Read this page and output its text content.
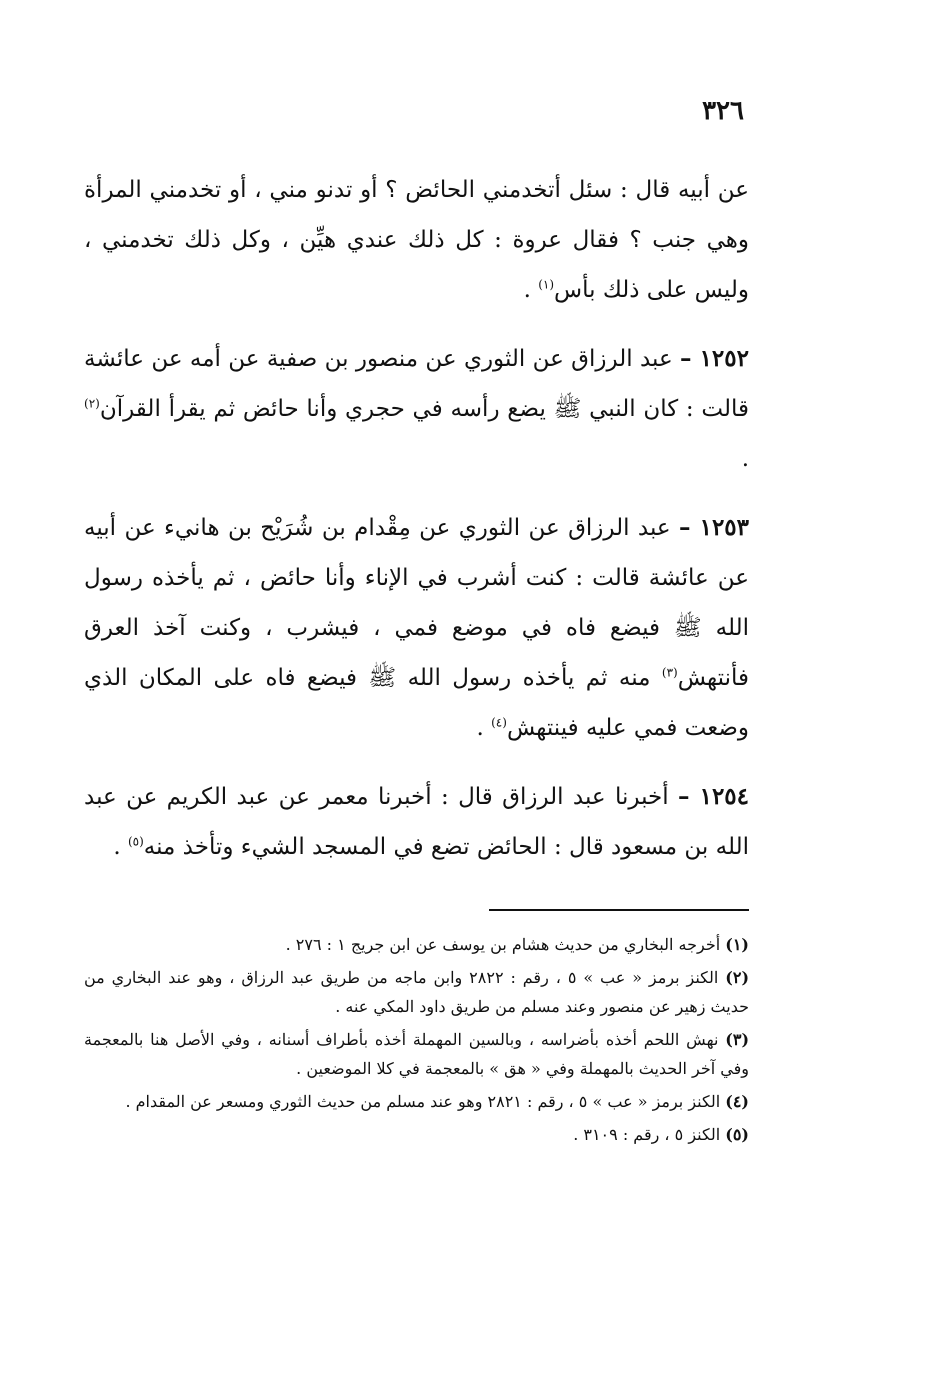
٣٢٦

عن أبيه قال : سئل أتخدمني الحائض ؟ أو تدنو مني ، أو تخدمني المرأة وهي جنب ؟ فقال عروة : كل ذلك عندي هيِّن ، وكل ذلك تخدمني ، وليس على ذلك بأس$^{(١)}$ .

١٢٥٢ – عبد الرزاق عن الثوري عن منصور بن صفية عن أمه عن عائشة قالت : كان النبي ﷺ يضع رأسه في حجري وأنا حائض ثم يقرأ القرآن$^{(٢)}$ .

١٢٥٣ – عبد الرزاق عن الثوري عن مِقْدام بن شُرَيْح بن هانيء عن أبيه عن عائشة قالت : كنت أشرب في الإناء وأنا حائض ، ثم يأخذه رسول الله ﷺ فيضع فاه في موضع فمي ، فيشرب ، وكنت آخذ العرق فأنتهش$^{(٣)}$ منه ثم يأخذه رسول الله ﷺ فيضع فاه على المكان الذي وضعت فمي عليه فينتهش$^{(٤)}$ .

١٢٥٤ – أخبرنا عبد الرزاق قال : أخبرنا معمر عن عبد الكريم عن عبد الله بن مسعود قال : الحائض تضع في المسجد الشيء وتأخذ منه$^{(٥)}$ .

(١) أخرجه البخاري من حديث هشام بن يوسف عن ابن جريج ١ : ٢٧٦ .

(٢) الكنز برمز « عب » ٥ ، رقم : ٢٨٢٢ وابن ماجه من طريق عبد الرزاق ، وهو عند البخاري من حديث زهير عن منصور وعند مسلم من طريق داود المكي عنه .

(٣) نهش اللحم أخذه بأضراسه ، وبالسين المهملة أخذه بأطراف أسنانه ، وفي الأصل هنا بالمعجمة وفي آخر الحديث بالمهملة وفي « هق » بالمعجمة في كلا الموضعين .

(٤) الكنز برمز « عب » ٥ ، رقم : ٢٨٢١ وهو عند مسلم من حديث الثوري ومسعر عن المقدام .

(٥) الكنز ٥ ، رقم : ٣١٠٩ .
